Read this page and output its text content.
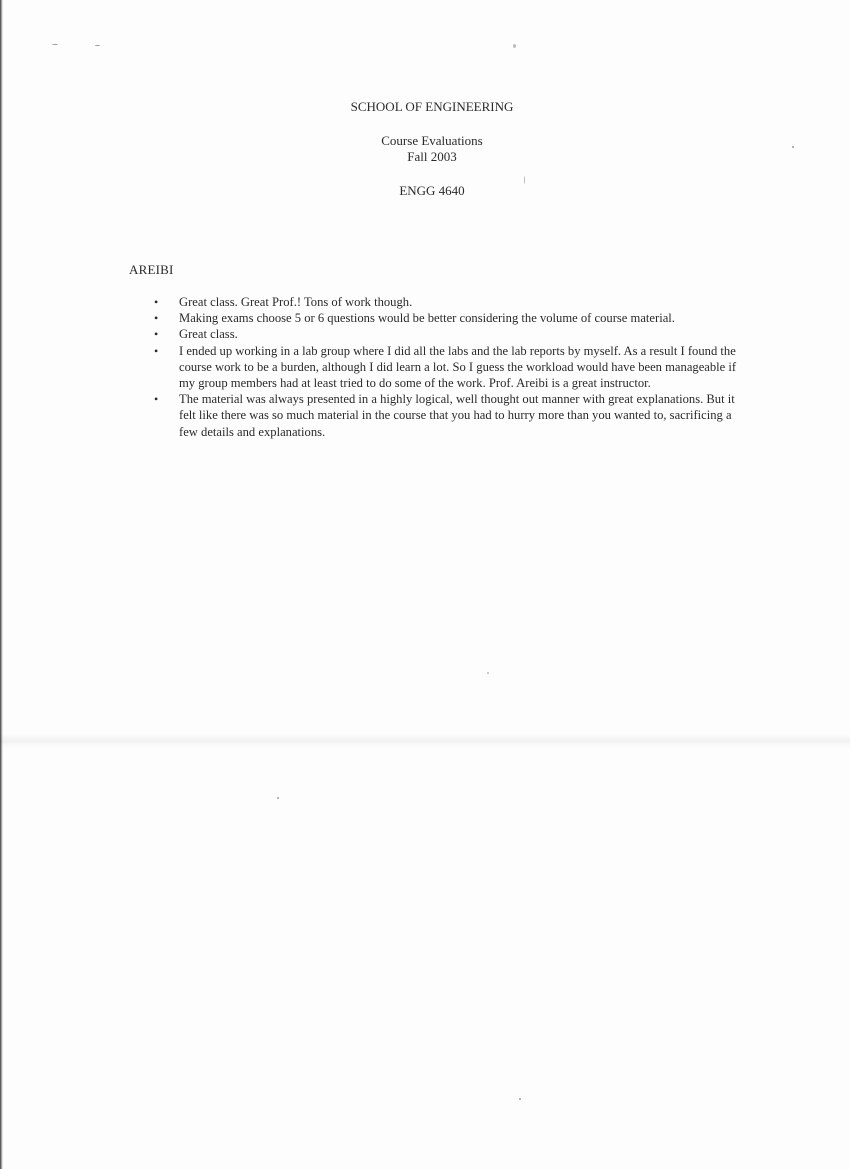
SCHOOL OF ENGINEERING
Course Evaluations
Fall 2003
ENGG 4640
AREIBI
• Great class. Great Prof.! Tons of work though.
• Making exams choose 5 or 6 questions would be better considering the volume of course material.
• Great class.
• I ended up working in a lab group where I did all the labs and the lab reports by myself. As a result I found the course work to be a burden, although I did learn a lot. So I guess the workload would have been manageable if my group members had at least tried to do some of the work. Prof. Areibi is a great instructor.
• The material was always presented in a highly logical, well thought out manner with great explanations. But it felt like there was so much material in the course that you had to hurry more than you wanted to, sacrificing a few details and explanations.
